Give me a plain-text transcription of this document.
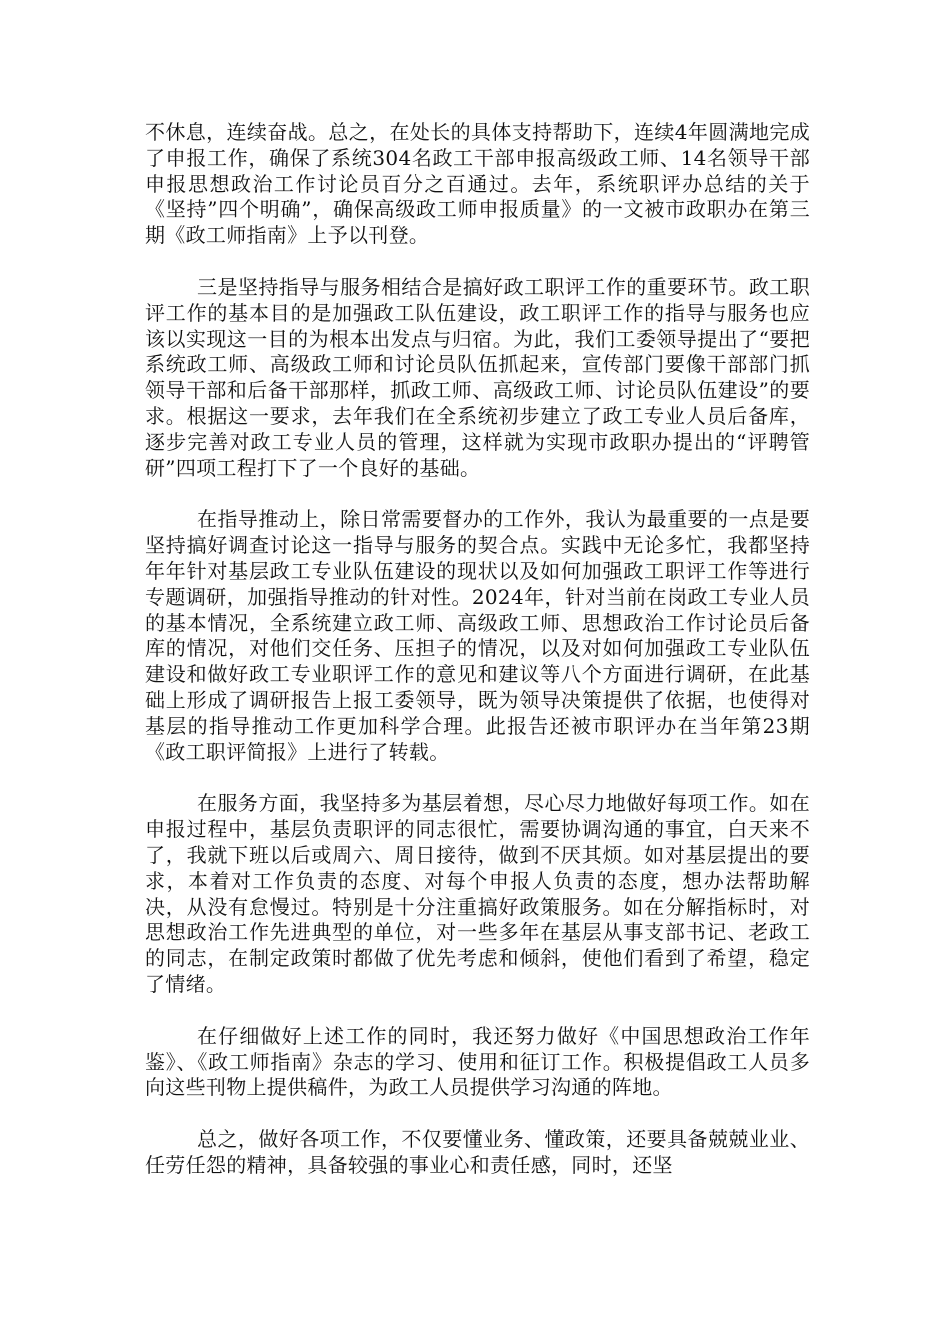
不休息，连续奋战。总之，在处长的具体支持帮助下，连续4年圆满地完成了申报工作，确保了系统304名政工干部申报高级政工师、14名领导干部申报思想政治工作讨论员百分之百通过。去年，系统职评办总结的关于《坚持”四个明确”，确保高级政工师申报质量》的一文被市政职办在第三期《政工师指南》上予以刊登。

三是坚持指导与服务相结合是搞好政工职评工作的重要环节。政工职评工作的基本目的是加强政工队伍建设，政工职评工作的指导与服务也应该以实现这一目的为根本出发点与归宿。为此，我们工委领导提出了“要把系统政工师、高级政工师和讨论员队伍抓起来，宣传部门要像干部部门抓领导干部和后备干部那样，抓政工师、高级政工师、讨论员队伍建设”的要求。根据这一要求，去年我们在全系统初步建立了政工专业人员后备库，逐步完善对政工专业人员的管理，这样就为实现市政职办提出的“评聘管研”四项工程打下了一个良好的基础。

在指导推动上，除日常需要督办的工作外，我认为最重要的一点是要坚持搞好调查讨论这一指导与服务的契合点。实践中无论多忙，我都坚持年年针对基层政工专业队伍建设的现状以及如何加强政工职评工作等进行专题调研，加强指导推动的针对性。2024年，针对当前在岗政工专业人员的基本情况，全系统建立政工师、高级政工师、思想政治工作讨论员后备库的情况，对他们交任务、压担子的情况，以及对如何加强政工专业队伍建设和做好政工专业职评工作的意见和建议等八个方面进行调研，在此基础上形成了调研报告上报工委领导，既为领导决策提供了依据，也使得对基层的指导推动工作更加科学合理。此报告还被市职评办在当年第23期《政工职评简报》上进行了转载。

在服务方面，我坚持多为基层着想，尽心尽力地做好每项工作。如在申报过程中，基层负责职评的同志很忙，需要协调沟通的事宜，白天来不了，我就下班以后或周六、周日接待，做到不厌其烦。如对基层提出的要求，本着对工作负责的态度、对每个申报人负责的态度，想办法帮助解决，从没有怠慢过。特别是十分注重搞好政策服务。如在分解指标时，对思想政治工作先进典型的单位，对一些多年在基层从事支部书记、老政工的同志，在制定政策时都做了优先考虑和倾斜，使他们看到了希望，稳定了情绪。

在仔细做好上述工作的同时，我还努力做好《中国思想政治工作年鉴》、《政工师指南》杂志的学习、使用和征订工作。积极提倡政工人员多向这些刊物上提供稿件，为政工人员提供学习沟通的阵地。

总之，做好各项工作，不仅要懂业务、懂政策，还要具备兢兢业业、任劳任怨的精神，具备较强的事业心和责任感，同时，还坚
